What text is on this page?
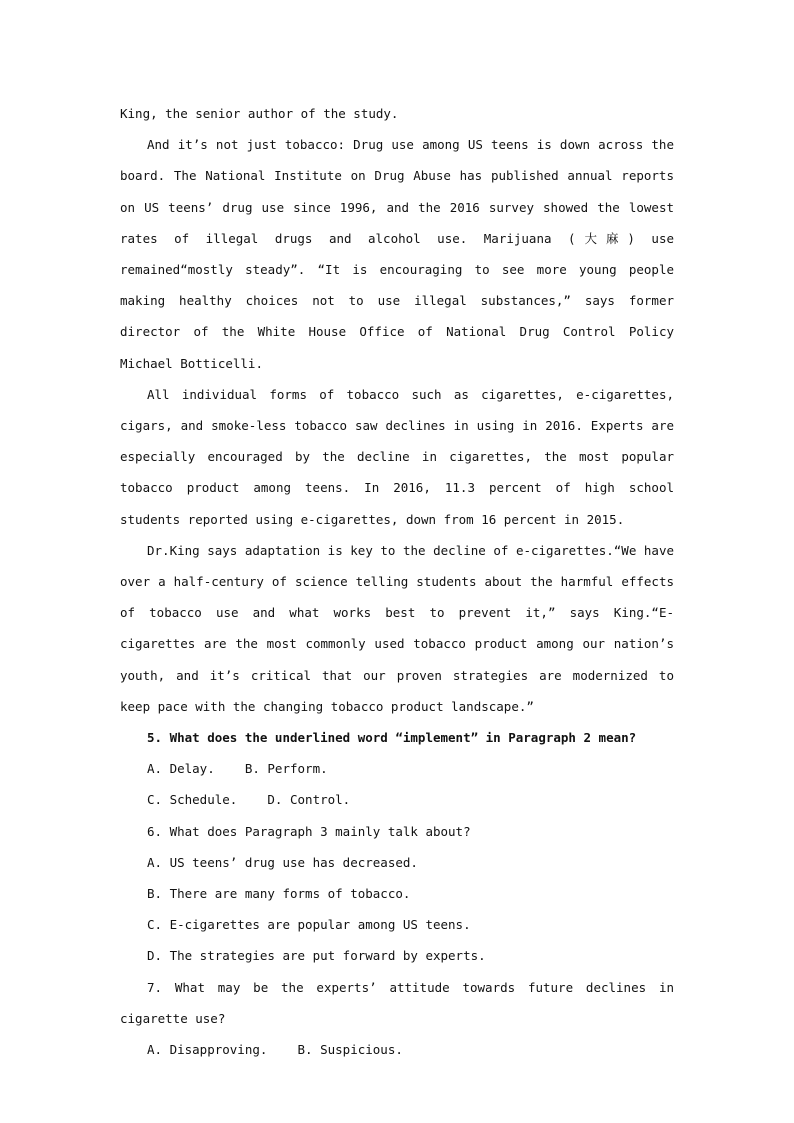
King, the senior author of the study.

And it’s not just tobacco: Drug use among US teens is down across the board. The National Institute on Drug Abuse has published annual reports on US teens’ drug use since 1996, and the 2016 survey showed the lowest rates of illegal drugs and alcohol use. Marijuana (大麻) use remained“mostly steady”. “It is encouraging to see more young people making healthy choices not to use illegal substances,” says former director of the White House Office of National Drug Control Policy Michael Botticelli.

All individual forms of tobacco such as cigarettes, e-cigarettes, cigars, and smoke-less tobacco saw declines in using in 2016. Experts are especially encouraged by the decline in cigarettes, the most popular tobacco product among teens. In 2016, 11.3 percent of high school students reported using e-cigarettes, down from 16 percent in 2015.

Dr.King says adaptation is key to the decline of e-cigarettes.“We have over a half-century of science telling students about the harmful effects of tobacco use and what works best to prevent it,” says King.“E-cigarettes are the most commonly used tobacco product among our nation’s youth, and it’s critical that our proven strategies are modernized to keep pace with the changing tobacco product landscape.”

5. What does the underlined word “implement” in Paragraph 2 mean?

A. Delay.    B. Perform.

C. Schedule.    D. Control.

6. What does Paragraph 3 mainly talk about?

A. US teens’ drug use has decreased.

B. There are many forms of tobacco.

C. E-cigarettes are popular among US teens.

D. The strategies are put forward by experts.

7. What may be the experts’ attitude towards future declines in cigarette use?

A. Disapproving.    B. Suspicious.
